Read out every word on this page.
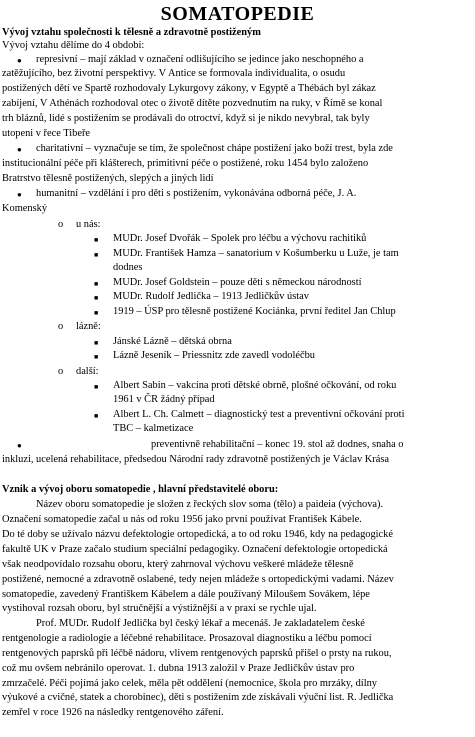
SOMATOPEDIE
Vývoj vztahu společnosti k tělesně a zdravotně postiženým
Vývoj vztahu dělíme do 4 období:
● represivní – mají základ v označení odlišujícího se jedince jako neschopného a
zatěžujícího, bez životní perspektivy. V Antice se formovala individualita, o osudu
postižených dětí ve Spartě rozhodovaly Lykurgovy zákony, v Egyptě a Thébách byl zákaz
zabíjení, V Athénách rozhodoval otec o životě dítěte pozvednutím na ruky, v Římě se konal
trh bláznů, lidé s postižením se prodávali do otroctví, když si je nikdo nevybral, tak byly
utopeni v řece Tibeře
● charitativní – vyznačuje se tím, že společnost chápe postižení jako boží trest, byla zde
institucionální péče při klášterech, primitivní péče o postižené, roku 1454 bylo založeno
Bratrstvo tělesně postižených, slepých a jiných lidí
● humanitní – vzdělání i pro děti s postižením, vykonávána odborná péče, J. A.
Komenský
o u nás:
■ MUDr. Josef Dvořák – Spolek pro léčbu a výchovu rachitiků
■ MUDr. František Hamza – sanatorium v Košumberku u Luže, je tam
dodnes
■ MUDr. Josef Goldstein – pouze děti s německou národností
■ MUDr. Rudolf Jedlička – 1913 Jedličkův ústav
■ 1919 – ÚSP pro tělesně postižené Kociánka, první ředitel Jan Chlup
o lázně:
■ Jánské Lázně – dětská obrna
■ Lázně Jeseník – Priessnitz zde zavedl vodoléčbu
o další:
■ Albert Sabin – vakcína proti dětské obrně, plošné očkování, od roku
1961 v ČR žádný případ
■ Albert L. Ch. Calmett – diagnostický test a preventivní očkování proti
TBC – kalmetizace
●	preventivně rehabilitační – konec 19. stol až dodnes, snaha o
inkluzi, ucelená rehabilitace, předsedou Národní rady zdravotně postižených je Václav Krása
Vznik a vývoj oboru somatopedie , hlavní představitelé oboru:
Název oboru somatopedie je složen z řeckých slov soma (tělo) a paideia (výchova).
Označení somatopedie začal u nás od roku 1956 jako první používat František Kábele.
Do té doby se užívalo názvu defektologie ortopedická, a to od roku 1946, kdy na pedagogické
fakultě UK v Praze začalo studium speciální pedagogiky. Označení defektologie ortopedická
však neodpovídalo rozsahu oboru, který zahrnoval výchovu veškeré mládeže tělesně
postižené, nemocné a zdravotně oslabené, tedy nejen mládeže s ortopedickými vadami. Název
somatopedie, zavedený Františkem Kábelem a dále používaný Miloušem Sovákem, lépe
vystihoval rozsah oboru, byl stručnější a výstižnější a v praxi se rychle ujal.
Prof. MUDr. Rudolf Jedlička byl český lékař a mecenáš. Je zakladatelem české
rentgenologie a radiologie a léčebné rehabilitace. Prosazoval diagnostiku a léčbu pomocí
rentgenových paprsků při léčbě nádoru, vlivem rentgenových paprsků přišel o prsty na rukou,
což mu ovšem nebránilo operovat. 1. dubna 1913 založil v Praze Jedličkův ústav pro
zmrzačelé. Péči pojímá jako celek, měla pět oddělení (nemocnice, škola pro mrzáky, dílny
výukové a cvičné, statek a chorobinec), děti s postižením zde získávali výuční list. R. Jedlička
zemřel v roce 1926 na následky rentgenového záření.
